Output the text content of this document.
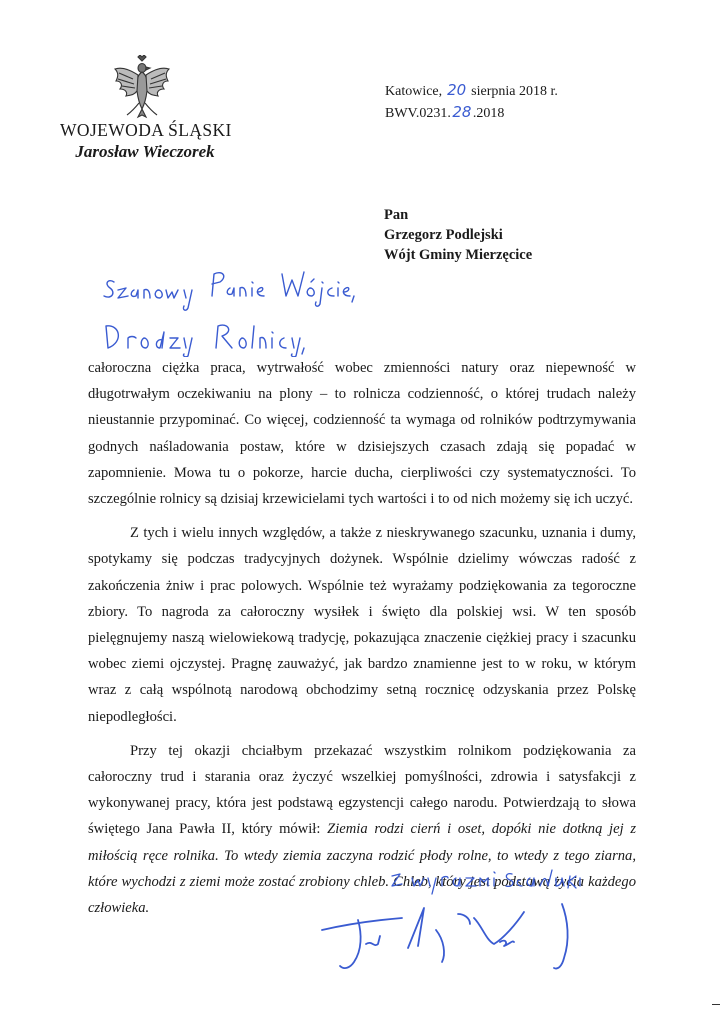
WOJEWODA ŚLĄSKI
Jarosław Wieczorek
Katowice, 20 sierpnia 2018 r.
BWV.0231.28.2018
Pan
Grzegorz Podlejski
Wójt Gminy Mierzęcice

całoroczna ciężka praca, wytrwałość wobec zmienności natury oraz niepewność w długotrwałym oczekiwaniu na plony – to rolnicza codzienność, o której trudach należy nieustannie przypominać. Co więcej, codzienność ta wymaga od rolników podtrzymywania godnych naśladowania postaw, które w dzisiejszych czasach zdają się popadać w zapomnienie. Mowa tu o pokorze, harcie ducha, cierpliwości czy systematyczności. To szczególnie rolnicy są dzisiaj krzewicielami tych wartości i to od nich możemy się ich uczyć.

Z tych i wielu innych względów, a także z nieskrywanego szacunku, uznania i dumy, spotykamy się podczas tradycyjnych dożynek. Wspólnie dzielimy wówczas radość z zakończenia żniw i prac polowych. Wspólnie też wyrażamy podziękowania za tegoroczne zbiory. To nagroda za całoroczny wysiłek i święto dla polskiej wsi. W ten sposób pielęgnujemy naszą wielowiekową tradycję, pokazująca znaczenie ciężkiej pracy i szacunku wobec ziemi ojczystej. Pragnę zauważyć, jak bardzo znamienne jest to w roku, w którym wraz z całą wspólnotą narodową obchodzimy setną rocznicę odzyskania przez Polskę niepodległości.

Przy tej okazji chciałbym przekazać wszystkim rolnikom podziękowania za całoroczny trud i starania oraz życzyć wszelkiej pomyślności, zdrowia i satysfakcji z wykonywanej pracy, która jest podstawą egzystencji całego narodu. Potwierdzają to słowa świętego Jana Pawła II, który mówił: Ziemia rodzi cierń i oset, dopóki nie dotkną jej z miłością ręce rolnika. To wtedy ziemia zaczyna rodzić płody rolne, to wtedy z tego ziarna, które wychodzi z ziemi może zostać zrobiony chleb. Chleb, który jest podstawą życia każdego człowieka.
